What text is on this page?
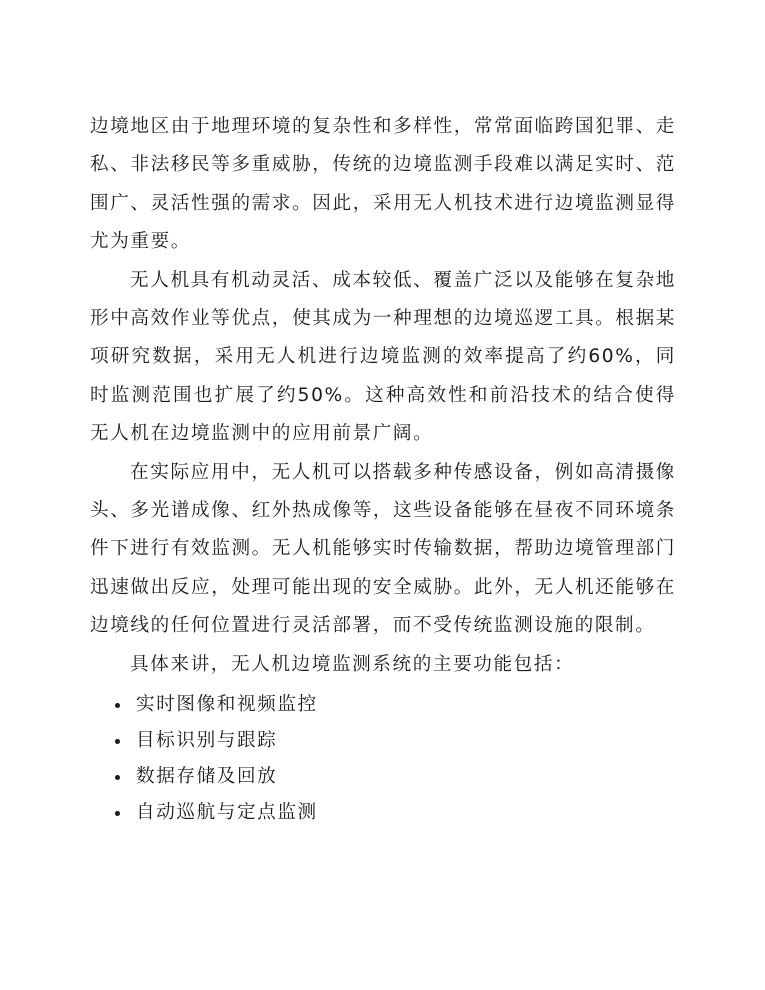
边境地区由于地理环境的复杂性和多样性，常常面临跨国犯罪、走私、非法移民等多重威胁，传统的边境监测手段难以满足实时、范围广、灵活性强的需求。因此，采用无人机技术进行边境监测显得尤为重要。

无人机具有机动灵活、成本较低、覆盖广泛以及能够在复杂地形中高效作业等优点，使其成为一种理想的边境巡逻工具。根据某项研究数据，采用无人机进行边境监测的效率提高了约60%，同时监测范围也扩展了约50%。这种高效性和前沿技术的结合使得无人机在边境监测中的应用前景广阔。

在实际应用中，无人机可以搭载多种传感设备，例如高清摄像头、多光谱成像、红外热成像等，这些设备能够在昼夜不同环境条件下进行有效监测。无人机能够实时传输数据，帮助边境管理部门迅速做出反应，处理可能出现的安全威胁。此外，无人机还能够在边境线的任何位置进行灵活部署，而不受传统监测设施的限制。

具体来讲，无人机边境监测系统的主要功能包括：

实时图像和视频监控
目标识别与跟踪
数据存储及回放
自动巡航与定点监测
